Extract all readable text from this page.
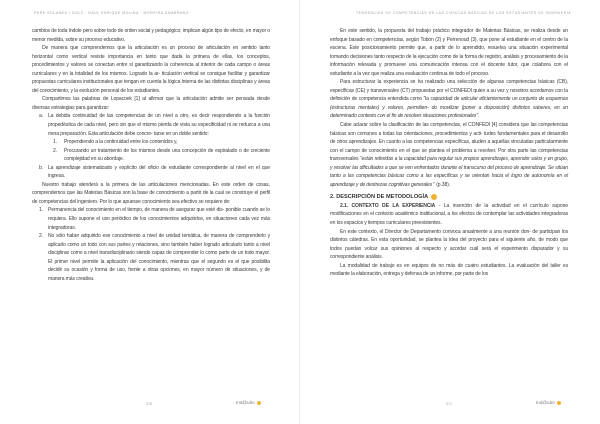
PERE SOLANES I DOLZ · RAÚL ENRIQUE MOLINA · MOREIRA ZAMBRANO

cambios de toda índole pero sobre todo de orden social y pedagógico; implican algún tipo de efecto, en mayor o menor medida, sobre su proceso educativo.

De manera que comprendemos que la articulación es un proceso de articulación en sentido tanto horizontal como vertical reviste importancia en tanto que dada la primera de ellas, los conceptos, procedimientos y valores se conectan entre sí garantizando la coherencia al interior de cada campo o áreas curriculares y en la totalidad de los mismos. Logrado la ar- ticulación vertical se consigue facilitar y garantizar propuestas curriculares institucionales que tengan en cuenta la lógica interna de las distintas disciplinas y áreas del conocimiento, y la evolución personal de los estudiantes.

Compartimos las palabras de Lopacoek [1] al afirmar que la articulación admite ser pensada desde diversas estrategias para garantizar:

a. La debida continuidad de las competencias de un nivel a otro, es decir respondiendo a la función propedéutica de cada nivel, pero sin que el mismo pierda de vista su especificidad ni se reduzca a una mera preparación. Esta articulación debe concre- tarse en un doble sentido:
1. Propendiendo a la continuidad entre los contenidos y,
2. Procurando un tratamiento de los mismos desde una concepción de espiralado o de creciente complejidad en su abordaje.
b. La aprendizaje sistematizado y explícito del oficio de estudiante correspondiente al nivel en el que ingresa.

Nuestro trabajo atenderá a la primera de las articulaciones mencionadas. En este orden de cosas, comprendemos que las Materias Básicas son la base de conocimiento a partir de la cual se construye el perfil de competencias del ingeniero. Por lo que apuesse conocimiento sea efectivo se requiere de:

1. Permanencia del conocimiento en el tiempo, de manera de asegurar que esté dis- ponible cuando se lo requiera. Ello supone el uso periódico de los conocimientos adquiridos, en situaciones cada vez más integradoras.
2. No sólo haber adquirido ese conocimiento a nivel de unidad temática, de manera de comprenderlo y aplicarlo como un todo con sus partes y relaciones, sino también haber logrado articularlo tanto a nivel disciplinar como a nivel transdisciplinario siendo capaz de comprender lo como parte de un todo mayor. El primer nivel permite la aplicación del conocimiento, mientras que el segundo es el que posibilita decidir su ocasión y forma de uso, frente a otras opciones, en mayor número de situaciones, y de manera más creativa.
370	Ind@ubo
TENDENCIAS DE COMPETENCIAS EN LAS CIENCIAS BÁSICAS DE LOS ESTUDIANTES DE INGENIERÍA

En este sentido, la propuesta del trabajo práctico integrador de Materias Básicas, se realiza desde un enfoque basado en competencias, según Tobón (2) y Perrenoud (3), que pone al estudiante en el centro de la escena. Este posicionamiento permite que, a partir de lo aprendido, resuelva una situación experimental tomando decisiones tanto respecto de la ejecución como de la forma de registro, análisis y procesamiento de la información relevada y promueve una comunicación intensa con el docente tutor, que colabora con el estudiante a la vez que realiza una evaluación continua de todo el proceso.

Para estructurar la experiencia se ha realizado una selección de algunas competencias básicas (CB), específicas (CE) y transversales (CT) propuestas por el CONFEDI quien a su vez y nosotros acordamos con la definición de competencia entendida como “la capacidad de articular eficientemente un conjunto de esquemas (estructuras mentales) y valores, permitien- do movilizar (poner a disposición) distintos saberes, en un determinado contexto con el fin de resolver situaciones profesionales”.

Cabe aclarar sobre la clasificación de las competencias, el CONFEDI [4] considera que las competencias básicas son comunes a todas las orientaciones, procedimientos y acti- tudes fundamentales para el desarrollo de otros aprendizajes. En cuanto a las competencias específicas, aluden a aquellas vinculadas particularmente con el campo de conocimiento en el que se plantea el problema a resolver. Por otra parte las competencias transversales “están referidas a la capacidad para regular sus propios aprendizajes, aprender solos y en grupo, y resolver las dificultades a que se ven enfrentados durante el transcurso del proceso de aprendizaje. Se sitúan tanto a las competencias básicas como a las específicas y se orientan hacia el logro de autonomía en el aprendizaje y de destrezas cognitivas generales ” (p.38).

2. DESCRIPCIÓN DE METODOLOGÍA

2.1. CONTEXTO DE LA EXPERIENCIA - La inserción de la actividad en el currículo supone modificaciones en el contexto académico institucional, a los efectos de contemplar las actividades integradoras en los espacios y tiempos curriculares preexistentes.

En este contexto, el Director de Departamento convoca anualmente a una reunión don- de participan los distintos cátedras. En esta oportunidad, se plantea la idea del proyecto para el siguiente año, de modo que todos puedan volcar sus opiniones al respecto y acordar cuál será el experimento disparador y su correspondiente análisis.

La modalidad de trabajo es en equipos de no más de cuatro estudiantes. La evaluación del taller es mediante la elaboración, entrega y defensa de un informe, por parte de los

371	Ind@ubo
